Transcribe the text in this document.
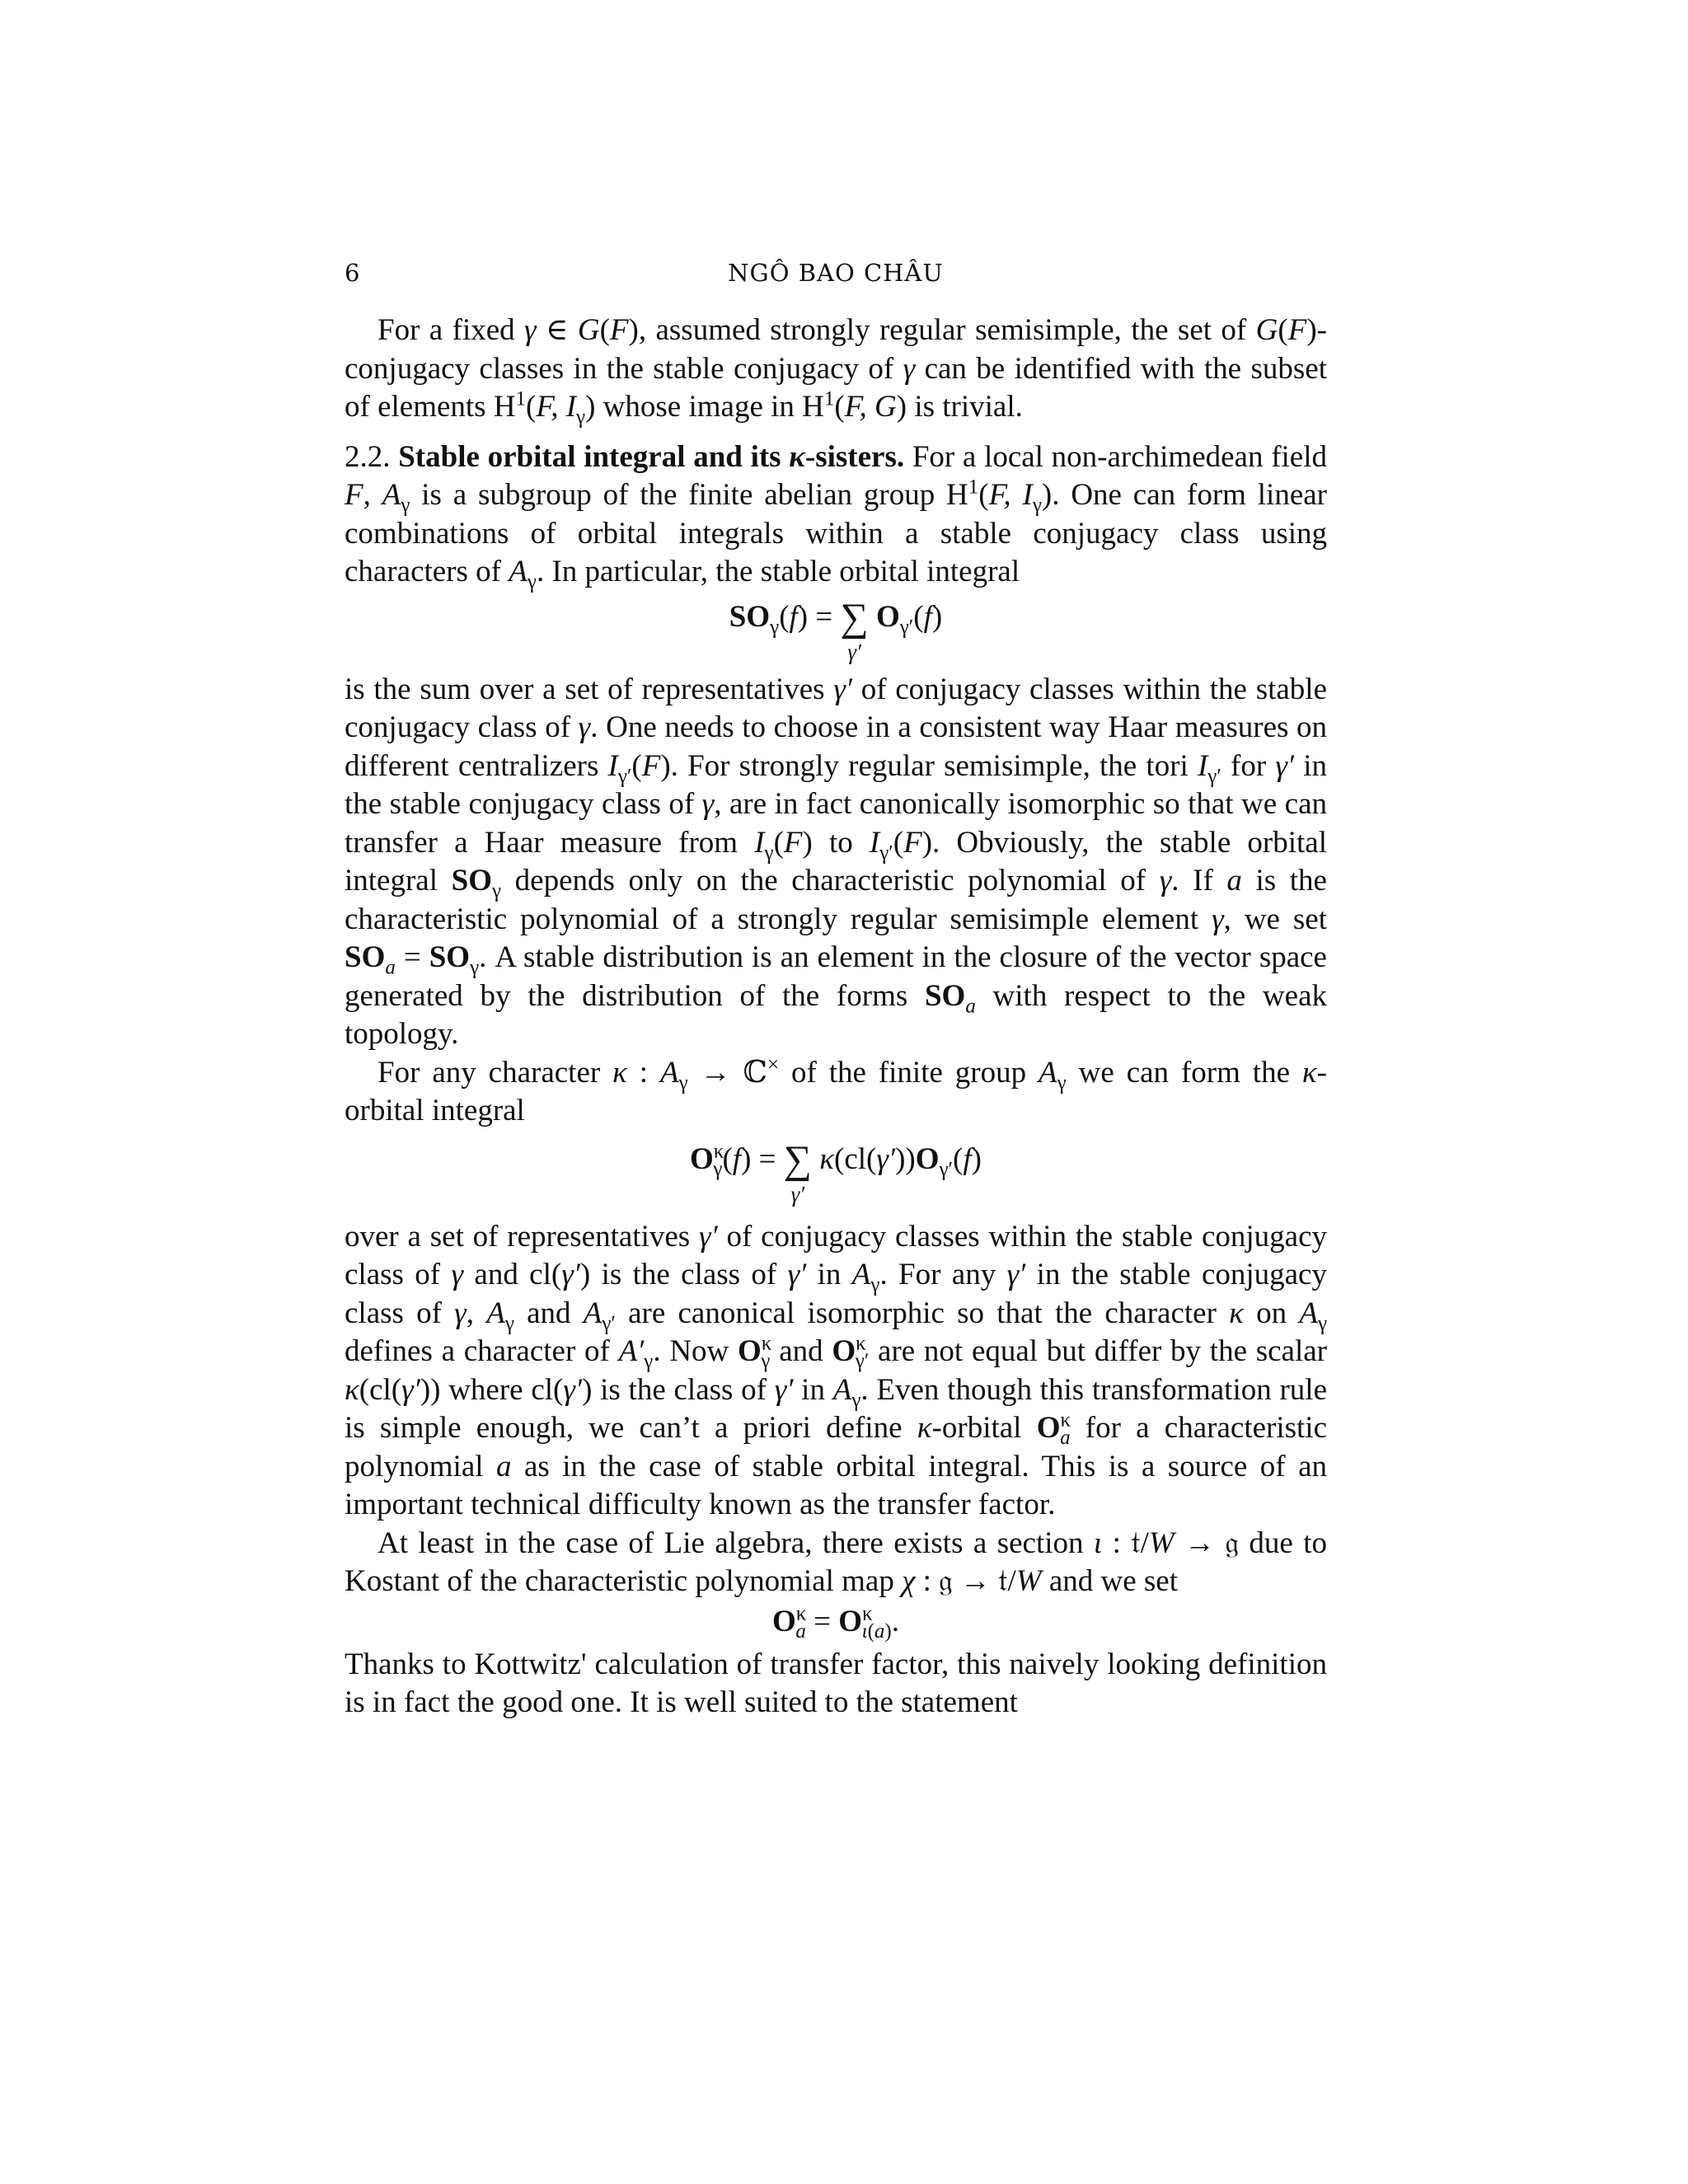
6	NGÔ BAO CHÂU

For a fixed γ ∈ G(F), assumed strongly regular semisimple, the set of G(F)-conjugacy classes in the stable conjugacy of γ can be identified with the subset of elements $H^1(F$, $I_\gamma$) whose image in $H^1(F$, G) is trivial.

2.2. Stable orbital integral and its κ-sisters. For a local non-archimedean field F, $A_\gamma$ is a subgroup of the finite abelian group $H^1(F$, $I_\gamma$). One can form linear combinations of orbital integrals within a stable conjugacy class using characters of $A_\gamma$. In particular, the stable orbital integral

$SO_\gamma(f)$ = ∑
γ′
$O_{\gamma'}(f)$

is the sum over a set of representatives γ′ of conjugacy classes within the stable conjugacy class of γ. One needs to choose in a consistent way Haar measures on different centralizers $I_{\gamma'}(F)$. For strongly regular semisimple, the tori $I_{\gamma'}$ for γ′ in the stable conjugacy class of γ, are in fact canonically isomorphic so that we can transfer a Haar measure from $I_\gamma(F)$ to $I_{\gamma'}(F)$. Obviously, the stable orbital integral $SO_\gamma$ depends only on the characteristic polynomial of γ. If a is the characteristic polynomial of a strongly regular semisimple element γ, we set $SO_a = SO_\gamma$. A stable distribution is an element in the closure of the vector space generated by the distribution of the forms $SO_a$ with respect to the weak topology.

For any character κ : $A_\gamma$ → ℂ× of the finite group $A_\gamma$ we can form the κ-orbital integral

$O^\kappa_\gamma(f)$ = ∑
γ′
$\kappa(cl(\gamma'))O_{\gamma'}(f)$

over a set of representatives γ′ of conjugacy classes within the stable conjugacy class of γ and cl(γ′) is the class of γ′ in $A_\gamma$. For any γ′ in the stable conjugacy class of γ, $A_\gamma$ and $A_{\gamma'}$ are canonical isomorphic so that the character κ on $A_\gamma$ defines a character of $A'_\gamma$. Now $O^\kappa_\gamma$ and $O^\kappa_{\gamma'}$ are not equal but differ by the scalar κ(cl(γ′)) where cl(γ′) is the class of γ′ in $A_\gamma$. Even though this transformation rule is simple enough, we can’t a priori define κ-orbital $O^\kappa_a$ for a characteristic polynomial a as in the case of stable orbital integral. This is a source of an important technical difficulty known as the transfer factor.

At least in the case of Lie algebra, there exists a section ι : 𝔱/W → 𝔤 due to Kostant of the characteristic polynomial map χ : 𝔤 → 𝔱/W and we set

$O^\kappa_a = O^\kappa_{\iota(a)}$.

Thanks to Kottwitz' calculation of transfer factor, this naively looking definition is in fact the good one. It is well suited to the statement
